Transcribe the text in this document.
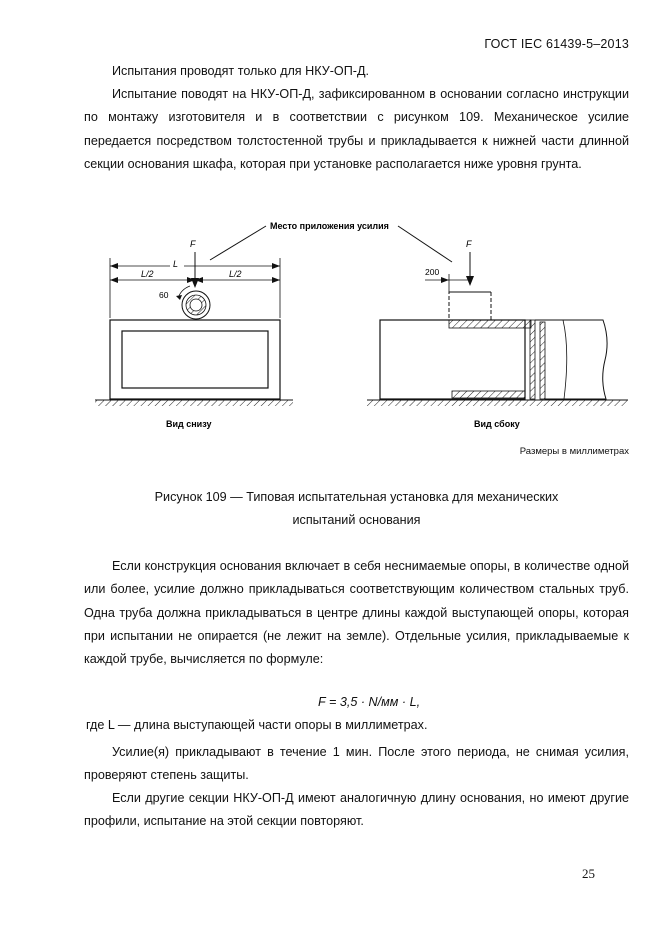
ГОСТ IEC 61439-5–2013

Испытания проводят только для НКУ-ОП-Д.

Испытание поводят на НКУ-ОП-Д, зафиксированном в основании согласно инструкции по монтажу изготовителя и в соответствии с рисунком 109. Механическое усилие передается посредством толстостенной трубы и прикладывается к нижней части длинной секции основания шкафа, которая при установке располагается ниже уровня грунта.

Место приложения усилия
F
L
L/2	L/2
60
Вид снизу
F
200
Вид сбоку
Размеры в миллиметрах
Рисунок 109 — Типовая испытательная установка для механических
испытаний основания

Если конструкция основания включает в себя неснимаемые опоры, в количестве одной или более, усилие должно прикладываться соответствующим количеством стальных труб. Одна труба должна прикладываться в центре длины каждой выступающей опоры, которая при испытании не опирается (не лежит на земле). Отдельные усилия, прикладываемые к каждой трубе, вычисляется по формуле:

F = 3,5 · N/мм · L,
где L — длина выступающей части опоры в миллиметрах.

Усилие(я) прикладывают в течение 1 мин. После этого периода, не снимая усилия, проверяют степень защиты.

Если другие секции НКУ-ОП-Д имеют аналогичную длину основания, но имеют другие профили, испытание на этой секции повторяют.

25
